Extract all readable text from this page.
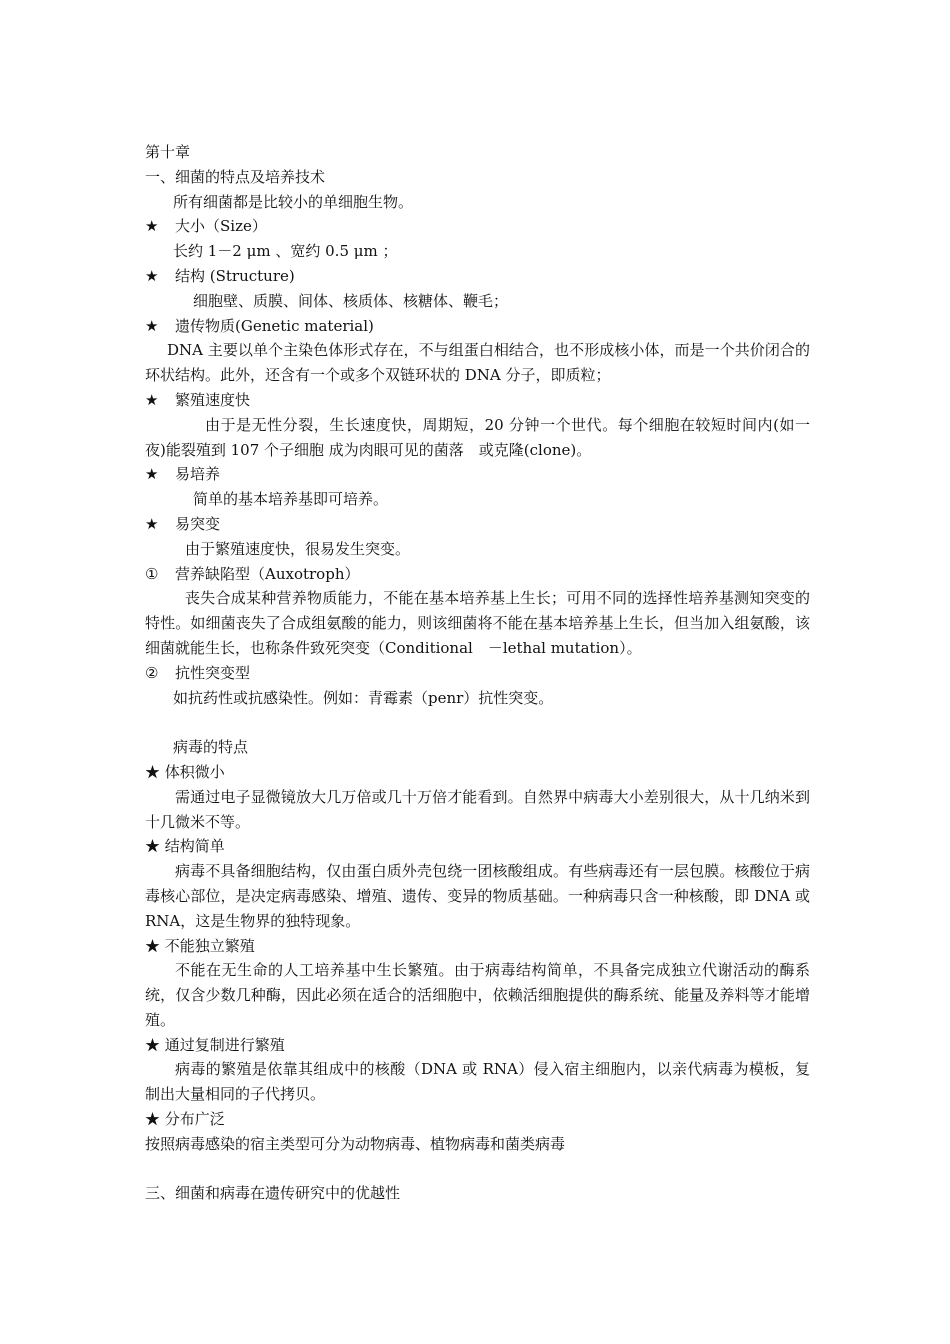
第十章
一、细菌的特点及培养技术
所有细菌都是比较小的单细胞生物。
★ 大小（Size）
长约 1－2 μm 、宽约 0.5 μm ；
★ 结构 (Structure)
细胞壁、质膜、间体、核质体、核糖体、鞭毛；
★ 遗传物质(Genetic material)
DNA 主要以单个主染色体形式存在，不与组蛋白相结合，也不形成核小体，而是一个共价闭合的环状结构。此外，还含有一个或多个双链环状的 DNA 分子，即质粒；
★ 繁殖速度快
由于是无性分裂，生长速度快，周期短，20 分钟一个世代。每个细胞在较短时间内(如一夜)能裂殖到 107 个子细胞 成为肉眼可见的菌落　或克隆(clone)。
★ 易培养
简单的基本培养基即可培养。
★ 易突变
由于繁殖速度快，很易发生突变。
① 营养缺陷型（Auxotroph）
丧失合成某种营养物质能力，不能在基本培养基上生长；可用不同的选择性培养基测知突变的特性。如细菌丧失了合成组氨酸的能力，则该细菌将不能在基本培养基上生长，但当加入组氨酸，该细菌就能生长，也称条件致死突变（Conditional　－lethal mutation）。
② 抗性突变型
如抗药性或抗感染性。例如：青霉素（penr）抗性突变。
病毒的特点
★ 体积微小
需通过电子显微镜放大几万倍或几十万倍才能看到。自然界中病毒大小差别很大，从十几纳米到十几微米不等。
★ 结构简单
病毒不具备细胞结构，仅由蛋白质外壳包绕一团核酸组成。有些病毒还有一层包膜。核酸位于病毒核心部位，是决定病毒感染、增殖、遗传、变异的物质基础。一种病毒只含一种核酸，即 DNA 或 RNA，这是生物界的独特现象。
★ 不能独立繁殖
不能在无生命的人工培养基中生长繁殖。由于病毒结构简单，不具备完成独立代谢活动的酶系统，仅含少数几种酶，因此必须在适合的活细胞中，依赖活细胞提供的酶系统、能量及养料等才能增殖。
★ 通过复制进行繁殖
病毒的繁殖是依靠其组成中的核酸（DNA 或 RNA）侵入宿主细胞内，以亲代病毒为模板，复制出大量相同的子代拷贝。
★ 分布广泛
按照病毒感染的宿主类型可分为动物病毒、植物病毒和菌类病毒
三、细菌和病毒在遗传研究中的优越性
